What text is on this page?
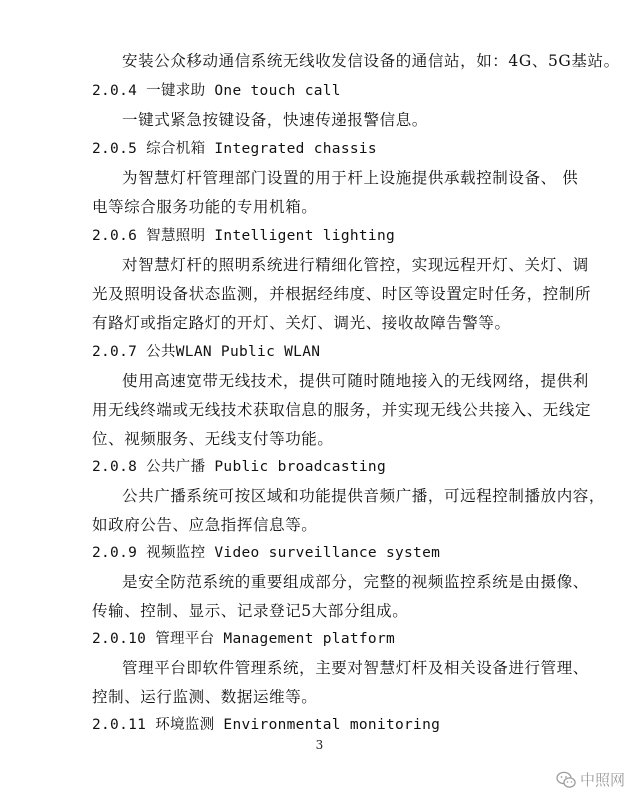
安装公众移动通信系统无线收发信设备的通信站，如：4G、5G基站。
2.0.4 一键求助 One touch call
一键式紧急按键设备，快速传递报警信息。
2.0.5 综合机箱 Integrated chassis
为智慧灯杆管理部门设置的用于杆上设施提供承载控制设备、 供
电等综合服务功能的专用机箱。
2.0.6 智慧照明 Intelligent lighting
对智慧灯杆的照明系统进行精细化管控，实现远程开灯、关灯、调
光及照明设备状态监测，并根据经纬度、时区等设置定时任务，控制所
有路灯或指定路灯的开灯、关灯、调光、接收故障告警等。
2.0.7 公共WLAN Public WLAN
使用高速宽带无线技术，提供可随时随地接入的无线网络，提供利
用无线终端或无线技术获取信息的服务，并实现无线公共接入、无线定
位、视频服务、无线支付等功能。
2.0.8 公共广播 Public broadcasting
公共广播系统可按区域和功能提供音频广播，可远程控制播放内容，
如政府公告、应急指挥信息等。
2.0.9 视频监控 Video surveillance system
是安全防范系统的重要组成部分，完整的视频监控系统是由摄像、
传输、控制、显示、记录登记5大部分组成。
2.0.10 管理平台 Management platform
管理平台即软件管理系统，主要对智慧灯杆及相关设备进行管理、
控制、运行监测、数据运维等。
2.0.11 环境监测 Environmental monitoring
3
中照网
